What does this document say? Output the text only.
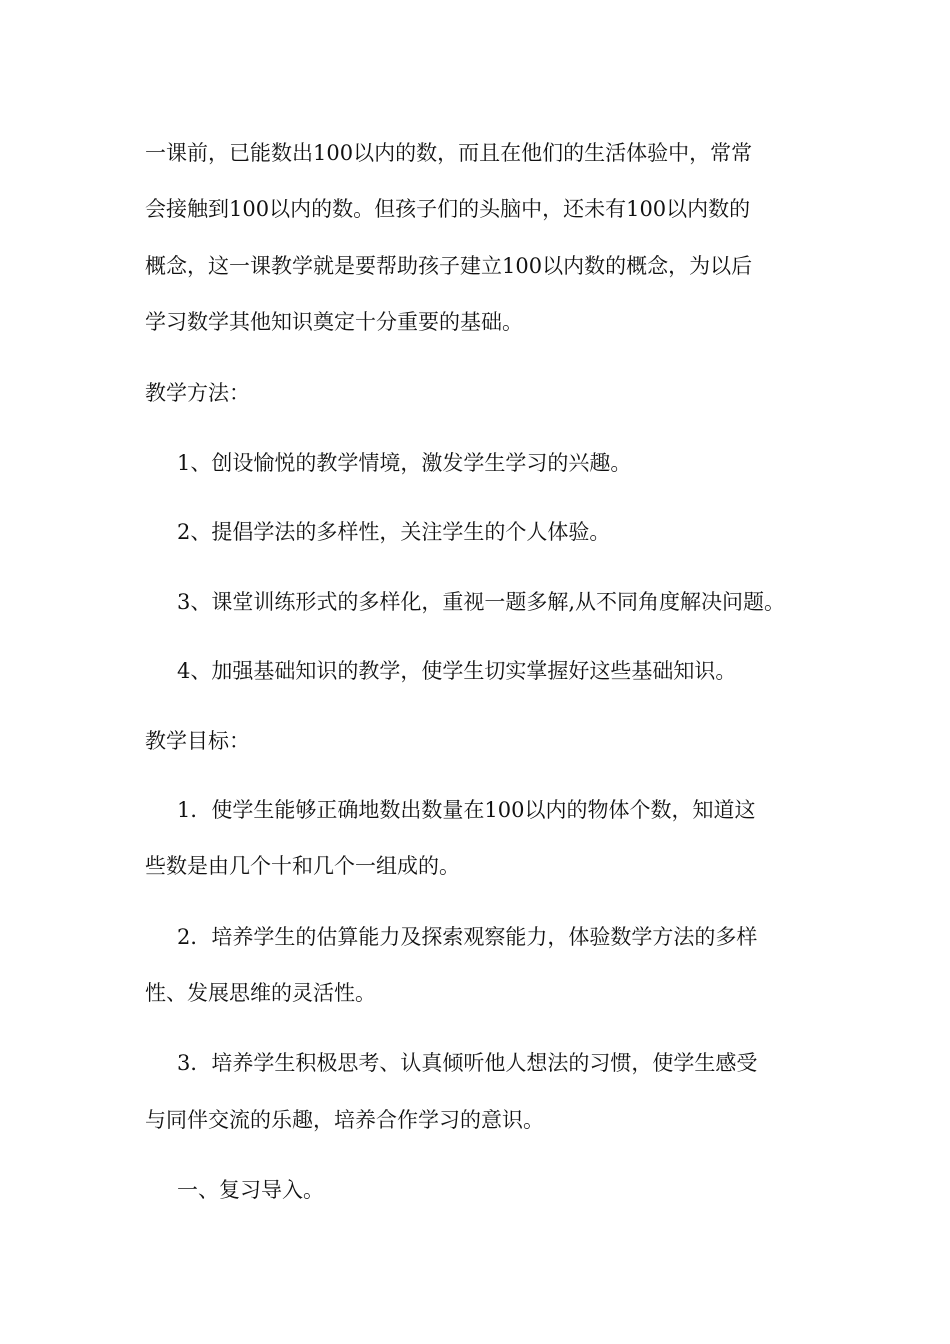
一课前，已能数出100以内的数，而且在他们的生活体验中，常常
会接触到100以内的数。但孩子们的头脑中，还未有100以内数的
概念，这一课教学就是要帮助孩子建立100以内数的概念，为以后
学习数学其他知识奠定十分重要的基础。
教学方法：
1、创设愉悦的教学情境，激发学生学习的兴趣。
2、提倡学法的多样性，关注学生的个人体验。
3、课堂训练形式的多样化，重视一题多解,从不同角度解决问题。
4、加强基础知识的教学，使学生切实掌握好这些基础知识。
教学目标：
1．使学生能够正确地数出数量在100以内的物体个数，知道这
些数是由几个十和几个一组成的。
2．培养学生的估算能力及探索观察能力，体验数学方法的多样
性、发展思维的灵活性。
3．培养学生积极思考、认真倾听他人想法的习惯，使学生感受
与同伴交流的乐趣，培养合作学习的意识。
一、复习导入。
